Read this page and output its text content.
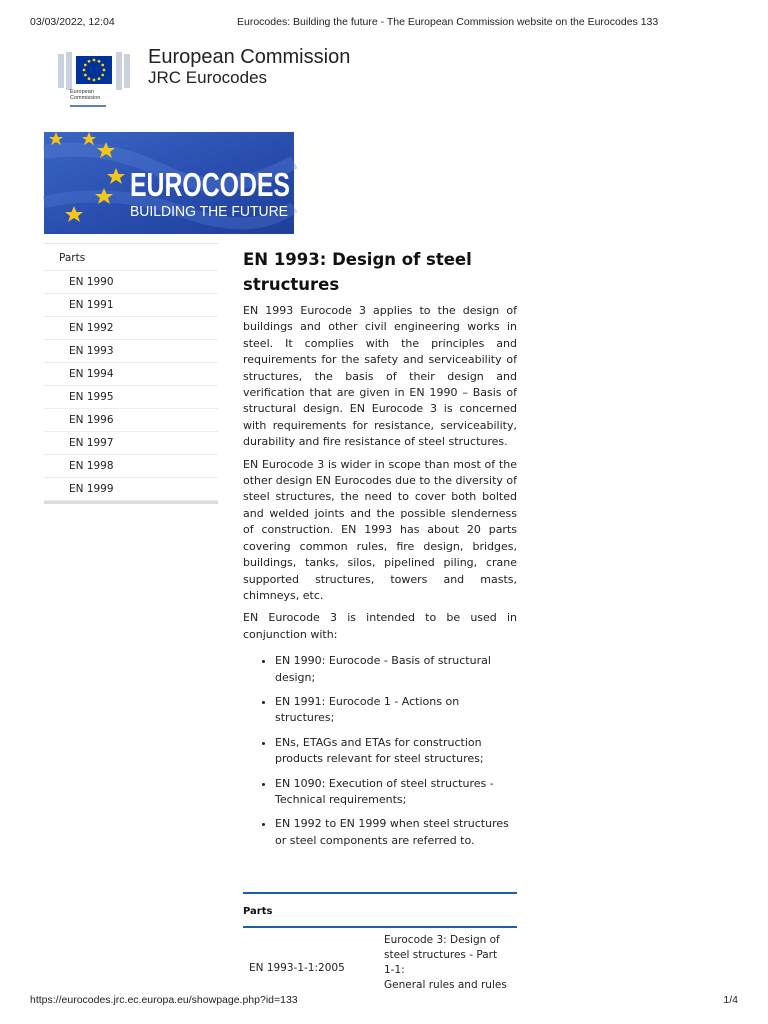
03/03/2022, 12:04	Eurocodes: Building the future - The European Commission website on the Eurocodes 133
European
Commission
European Commission
JRC Eurocodes
EUROCODES
BUILDING THE FUTURE
Parts
EN 1990
EN 1991
EN 1992
EN 1993
EN 1994
EN 1995
EN 1996
EN 1997
EN 1998
EN 1999
EN 1993: Design of steel structures

EN 1993 Eurocode 3 applies to the design of buildings and other civil engineering works in steel. It complies with the principles and requirements for the safety and serviceability of structures, the basis of their design and verification that are given in EN 1990 – Basis of structural design. EN Eurocode 3 is concerned with requirements for resistance, serviceability, durability and fire resistance of steel structures.

EN Eurocode 3 is wider in scope than most of the other design EN Eurocodes due to the diversity of steel structures, the need to cover both bolted and welded joints and the possible slenderness of construction. EN 1993 has about 20 parts covering common rules, fire design, bridges, buildings, tanks, silos, pipelined piling, crane supported structures, towers and masts, chimneys, etc.

EN Eurocode 3 is intended to be used in conjunction with:

• EN 1990: Eurocode - Basis of structural design;
• EN 1991: Eurocode 1 - Actions on structures;
• ENs, ETAGs and ETAs for construction products relevant for steel structures;
• EN 1090: Execution of steel structures - Technical requirements;
• EN 1992 to EN 1999 when steel structures or steel components are referred to.
Parts
EN 1993-1-1:2005
Eurocode 3: Design of
steel structures - Part
1-1:
General rules and rules
https://eurocodes.jrc.ec.europa.eu/showpage.php?id=133	1/4
